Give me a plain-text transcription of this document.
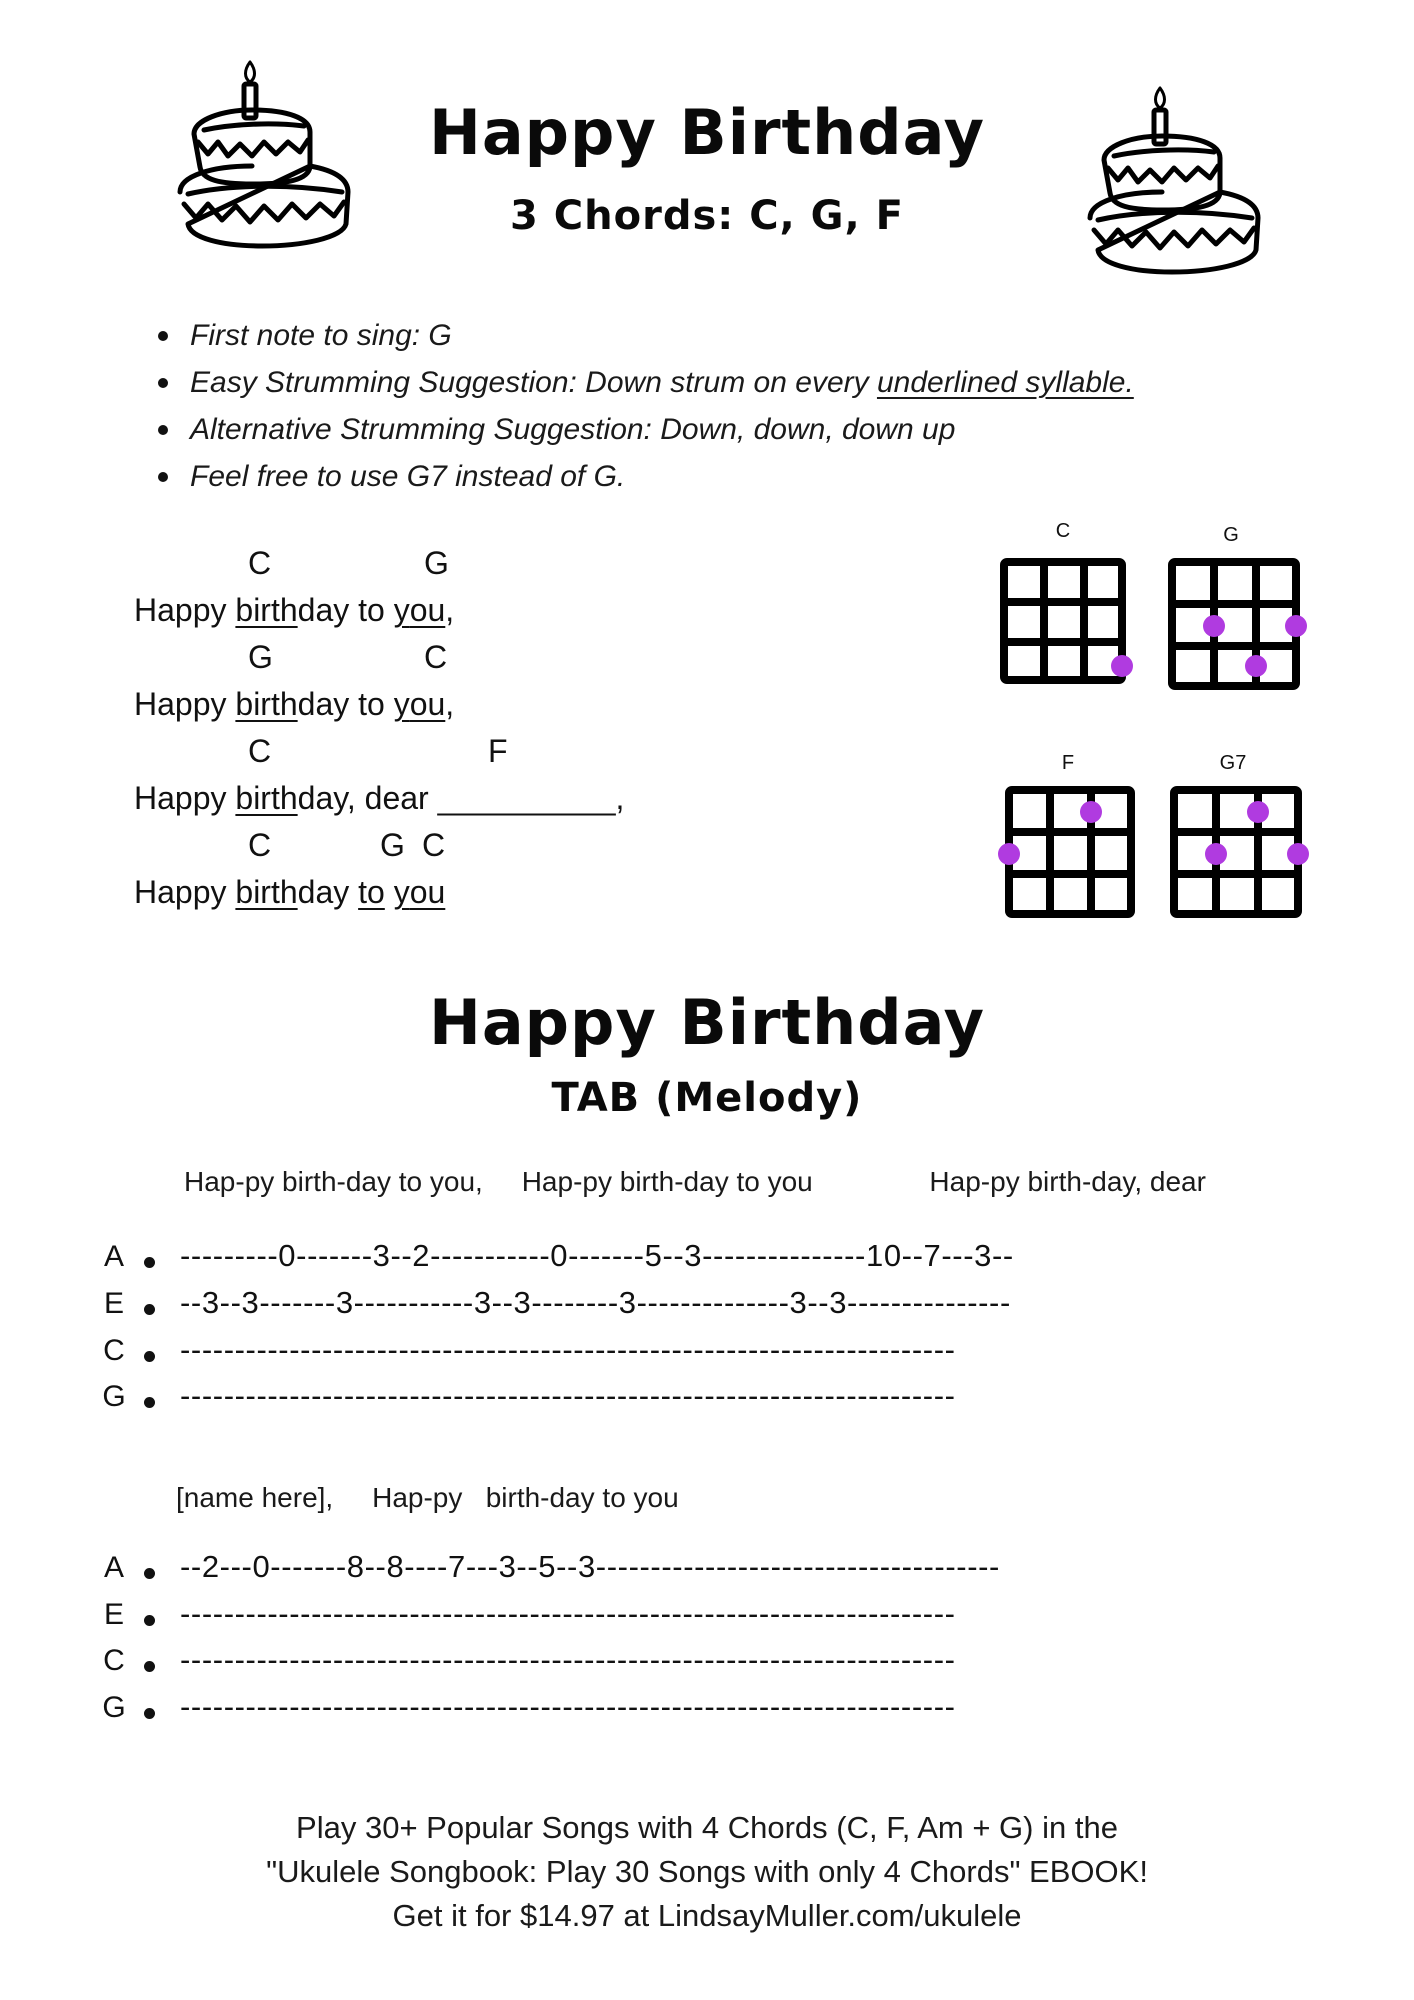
Happy Birthday
3 Chords: C, G, F
First note to sing: G
Easy Strumming Suggestion: Down strum on every underlined syllable.
Alternative Strumming Suggestion: Down, down, down up
Feel free to use G7 instead of G.

C

	G

Happy birthday to you,

G

	C

Happy birthday to you,

C

	F

Happy birthday, dear __________,

C

	G

C

Happy birthday to you
C	G
F	G7
Happy Birthday
TAB (Melody)
Hap-py birth-day to you,     Hap-py birth-day to you               Hap-py birth-day, dear

A

---------0-------3--2-----------0-------5--3---------------10--7---3--

E

--3--3-------3-----------3--3--------3--------------3--3---------------

C

-----------------------------------------------------------------------

G

-----------------------------------------------------------------------

[name here],     Hap-py   birth-day to you

A

--2---0-------8--8----7---3--5--3-------------------------------------

E

-----------------------------------------------------------------------

C

-----------------------------------------------------------------------

G

-----------------------------------------------------------------------

Play 30+ Popular Songs with 4 Chords (C, F, Am + G) in the
"Ukulele Songbook: Play 30 Songs with only 4 Chords" EBOOK!
Get it for $14.97 at LindsayMuller.com/ukulele
